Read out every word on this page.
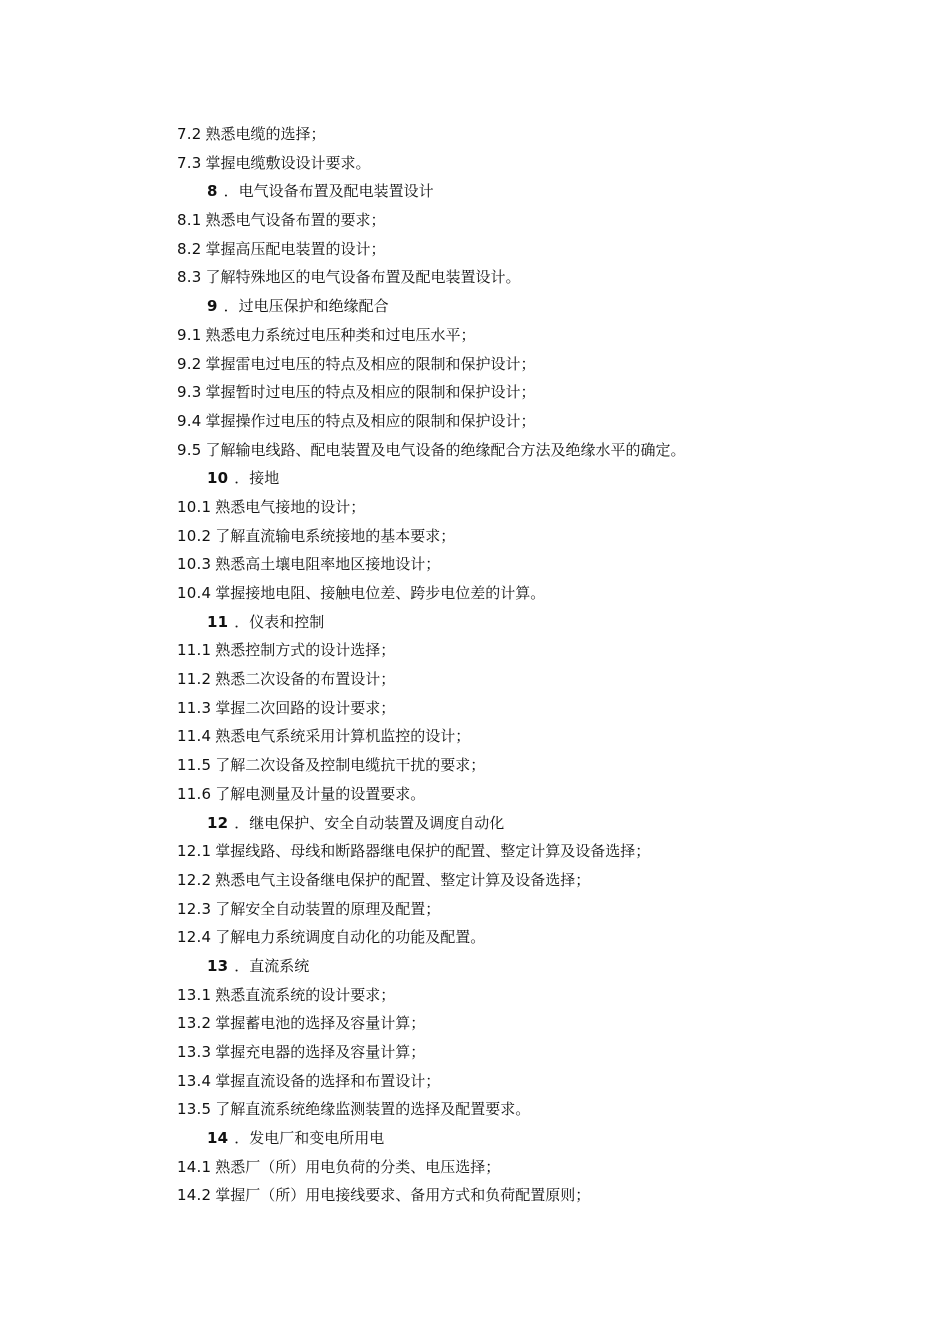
7.2 熟悉电缆的选择；
7.3 掌握电缆敷设设计要求。
8 ．电气设备布置及配电装置设计
8.1 熟悉电气设备布置的要求；
8.2 掌握高压配电装置的设计；
8.3 了解特殊地区的电气设备布置及配电装置设计。
9 ．过电压保护和绝缘配合
9.1 熟悉电力系统过电压种类和过电压水平；
9.2 掌握雷电过电压的特点及相应的限制和保护设计；
9.3 掌握暂时过电压的特点及相应的限制和保护设计；
9.4 掌握操作过电压的特点及相应的限制和保护设计；
9.5 了解输电线路、配电装置及电气设备的绝缘配合方法及绝缘水平的确定。
10 ．接地
10.1 熟悉电气接地的设计；
10.2 了解直流输电系统接地的基本要求；
10.3 熟悉高土壤电阻率地区接地设计；
10.4 掌握接地电阻、接触电位差、跨步电位差的计算。
11 ．仪表和控制
11.1 熟悉控制方式的设计选择；
11.2 熟悉二次设备的布置设计；
11.3 掌握二次回路的设计要求；
11.4 熟悉电气系统采用计算机监控的设计；
11.5 了解二次设备及控制电缆抗干扰的要求；
11.6 了解电测量及计量的设置要求。
12 ．继电保护、安全自动装置及调度自动化
12.1 掌握线路、母线和断路器继电保护的配置、整定计算及设备选择；
12.2 熟悉电气主设备继电保护的配置、整定计算及设备选择；
12.3 了解安全自动装置的原理及配置；
12.4 了解电力系统调度自动化的功能及配置。
13 ．直流系统
13.1 熟悉直流系统的设计要求；
13.2 掌握蓄电池的选择及容量计算；
13.3 掌握充电器的选择及容量计算；
13.4 掌握直流设备的选择和布置设计；
13.5 了解直流系统绝缘监测装置的选择及配置要求。
14 ．发电厂和变电所用电
14.1 熟悉厂（所）用电负荷的分类、电压选择；
14.2 掌握厂（所）用电接线要求、备用方式和负荷配置原则；
